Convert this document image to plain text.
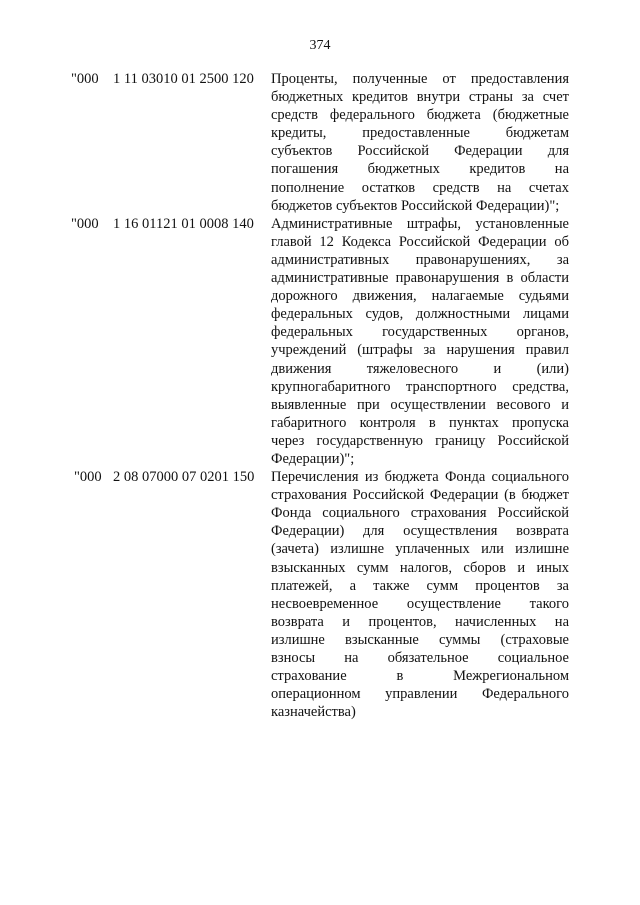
374
"000 1 11 03010 01 2500 120 Проценты, полученные от предоставления
бюджетных кредитов внутри страны за счет
средств федерального бюджета (бюджетные
кредиты, предоставленные бюджетам
субъектов Российской Федерации для
погашения бюджетных кредитов на
пополнение остатков средств на счетах
бюджетов субъектов Российской Федерации)";
"000 1 16 01121 01 0008 140 Административные штрафы, установленные
главой 12 Кодекса Российской Федерации об
административных правонарушениях, за
административные правонарушения в области
дорожного движения, налагаемые судьями
федеральных судов, должностными лицами
федеральных государственных органов,
учреждений (штрафы за нарушения правил
движения тяжеловесного и (или)
крупногабаритного транспортного средства,
выявленные при осуществлении весового и
габаритного контроля в пунктах пропуска
через государственную границу Российской
Федерации)";
"000 2 08 07000 07 0201 150 Перечисления из бюджета Фонда социального
страхования Российской Федерации (в бюджет
Фонда социального страхования Российской
Федерации) для осуществления возврата
(зачета) излишне уплаченных или излишне
взысканных сумм налогов, сборов и иных
платежей, а также сумм процентов за
несвоевременное осуществление такого
возврата и процентов, начисленных на
излишне взысканные суммы (страховые
взносы на обязательное социальное
страхование в Межрегиональном
операционном управлении Федерального
казначейства)
